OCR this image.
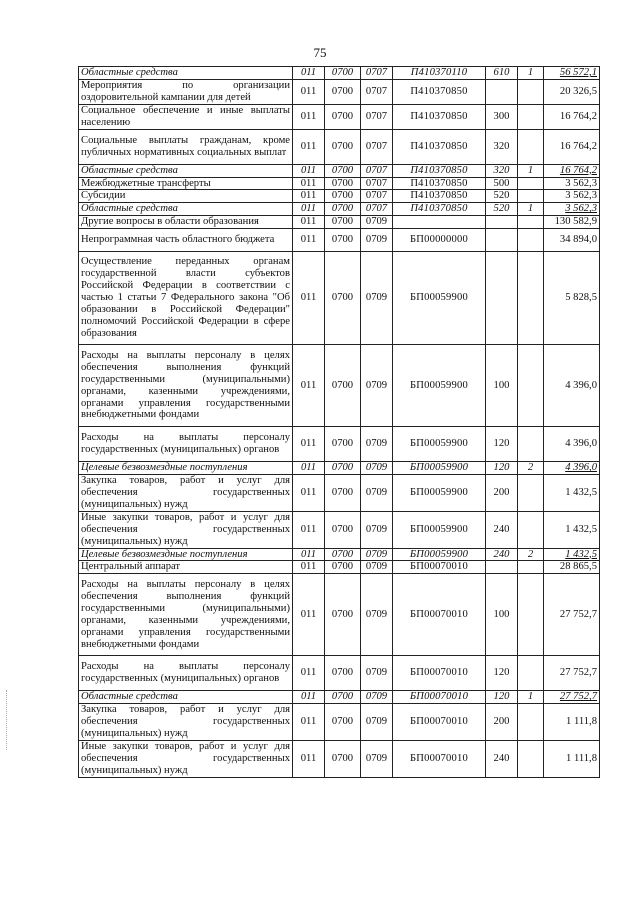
75
Областные средства	011	0700	0707	П410370110	610	1	56 572,1
Мероприятия по организации оздоровительной кампании для детей	011	0700	0707	П410370850			20 326,5
Социальное обеспечение и иные выплаты населению	011	0700	0707	П410370850	300		16 764,2
Социальные выплаты гражданам, кроме публичных нормативных социальных выплат	011	0700	0707	П410370850	320		16 764,2
Областные средства	011	0700	0707	П410370850	320	1	16 764,2
Межбюджетные трансферты	011	0700	0707	П410370850	500		3 562,3
Субсидии	011	0700	0707	П410370850	520		3 562,3
Областные средства	011	0700	0707	П410370850	520	1	3 562,3
Другие вопросы в области образования	011	0700	0709				130 582,9
Непрограммная часть областного бюджета	011	0700	0709	БП00000000			34 894,0
Осуществление переданных органам государственной власти субъектов Российской Федерации в соответствии с частью 1 статьи 7 Федерального закона "Об образовании в Российской Федерации" полномочий Российской Федерации в сфере образования	011	0700	0709	БП00059900			5 828,5
Расходы на выплаты персоналу в целях обеспечения выполнения функций государственными (муниципальными) органами, казенными учреждениями, органами управления государственными внебюджетными фондами	011	0700	0709	БП00059900	100		4 396,0
Расходы на выплаты персоналу государственных (муниципальных) органов	011	0700	0709	БП00059900	120		4 396,0
Целевые безвозмездные поступления	011	0700	0709	БП00059900	120	2	4 396,0
Закупка товаров, работ и услуг для обеспечения государственных (муниципальных) нужд	011	0700	0709	БП00059900	200		1 432,5
Иные закупки товаров, работ и услуг для обеспечения государственных (муниципальных) нужд	011	0700	0709	БП00059900	240		1 432,5
Целевые безвозмездные поступления	011	0700	0709	БП00059900	240	2	1 432,5
Центральный аппарат	011	0700	0709	БП00070010			28 865,5
Расходы на выплаты персоналу в целях обеспечения выполнения функций государственными (муниципальными) органами, казенными учреждениями, органами управления государственными внебюджетными фондами	011	0700	0709	БП00070010	100		27 752,7
Расходы на выплаты персоналу государственных (муниципальных) органов	011	0700	0709	БП00070010	120		27 752,7
Областные средства	011	0700	0709	БП00070010	120	1	27 752,7
Закупка товаров, работ и услуг для обеспечения государственных (муниципальных) нужд	011	0700	0709	БП00070010	200		1 111,8
Иные закупки товаров, работ и услуг для обеспечения государственных (муниципальных) нужд	011	0700	0709	БП00070010	240		1 111,8
